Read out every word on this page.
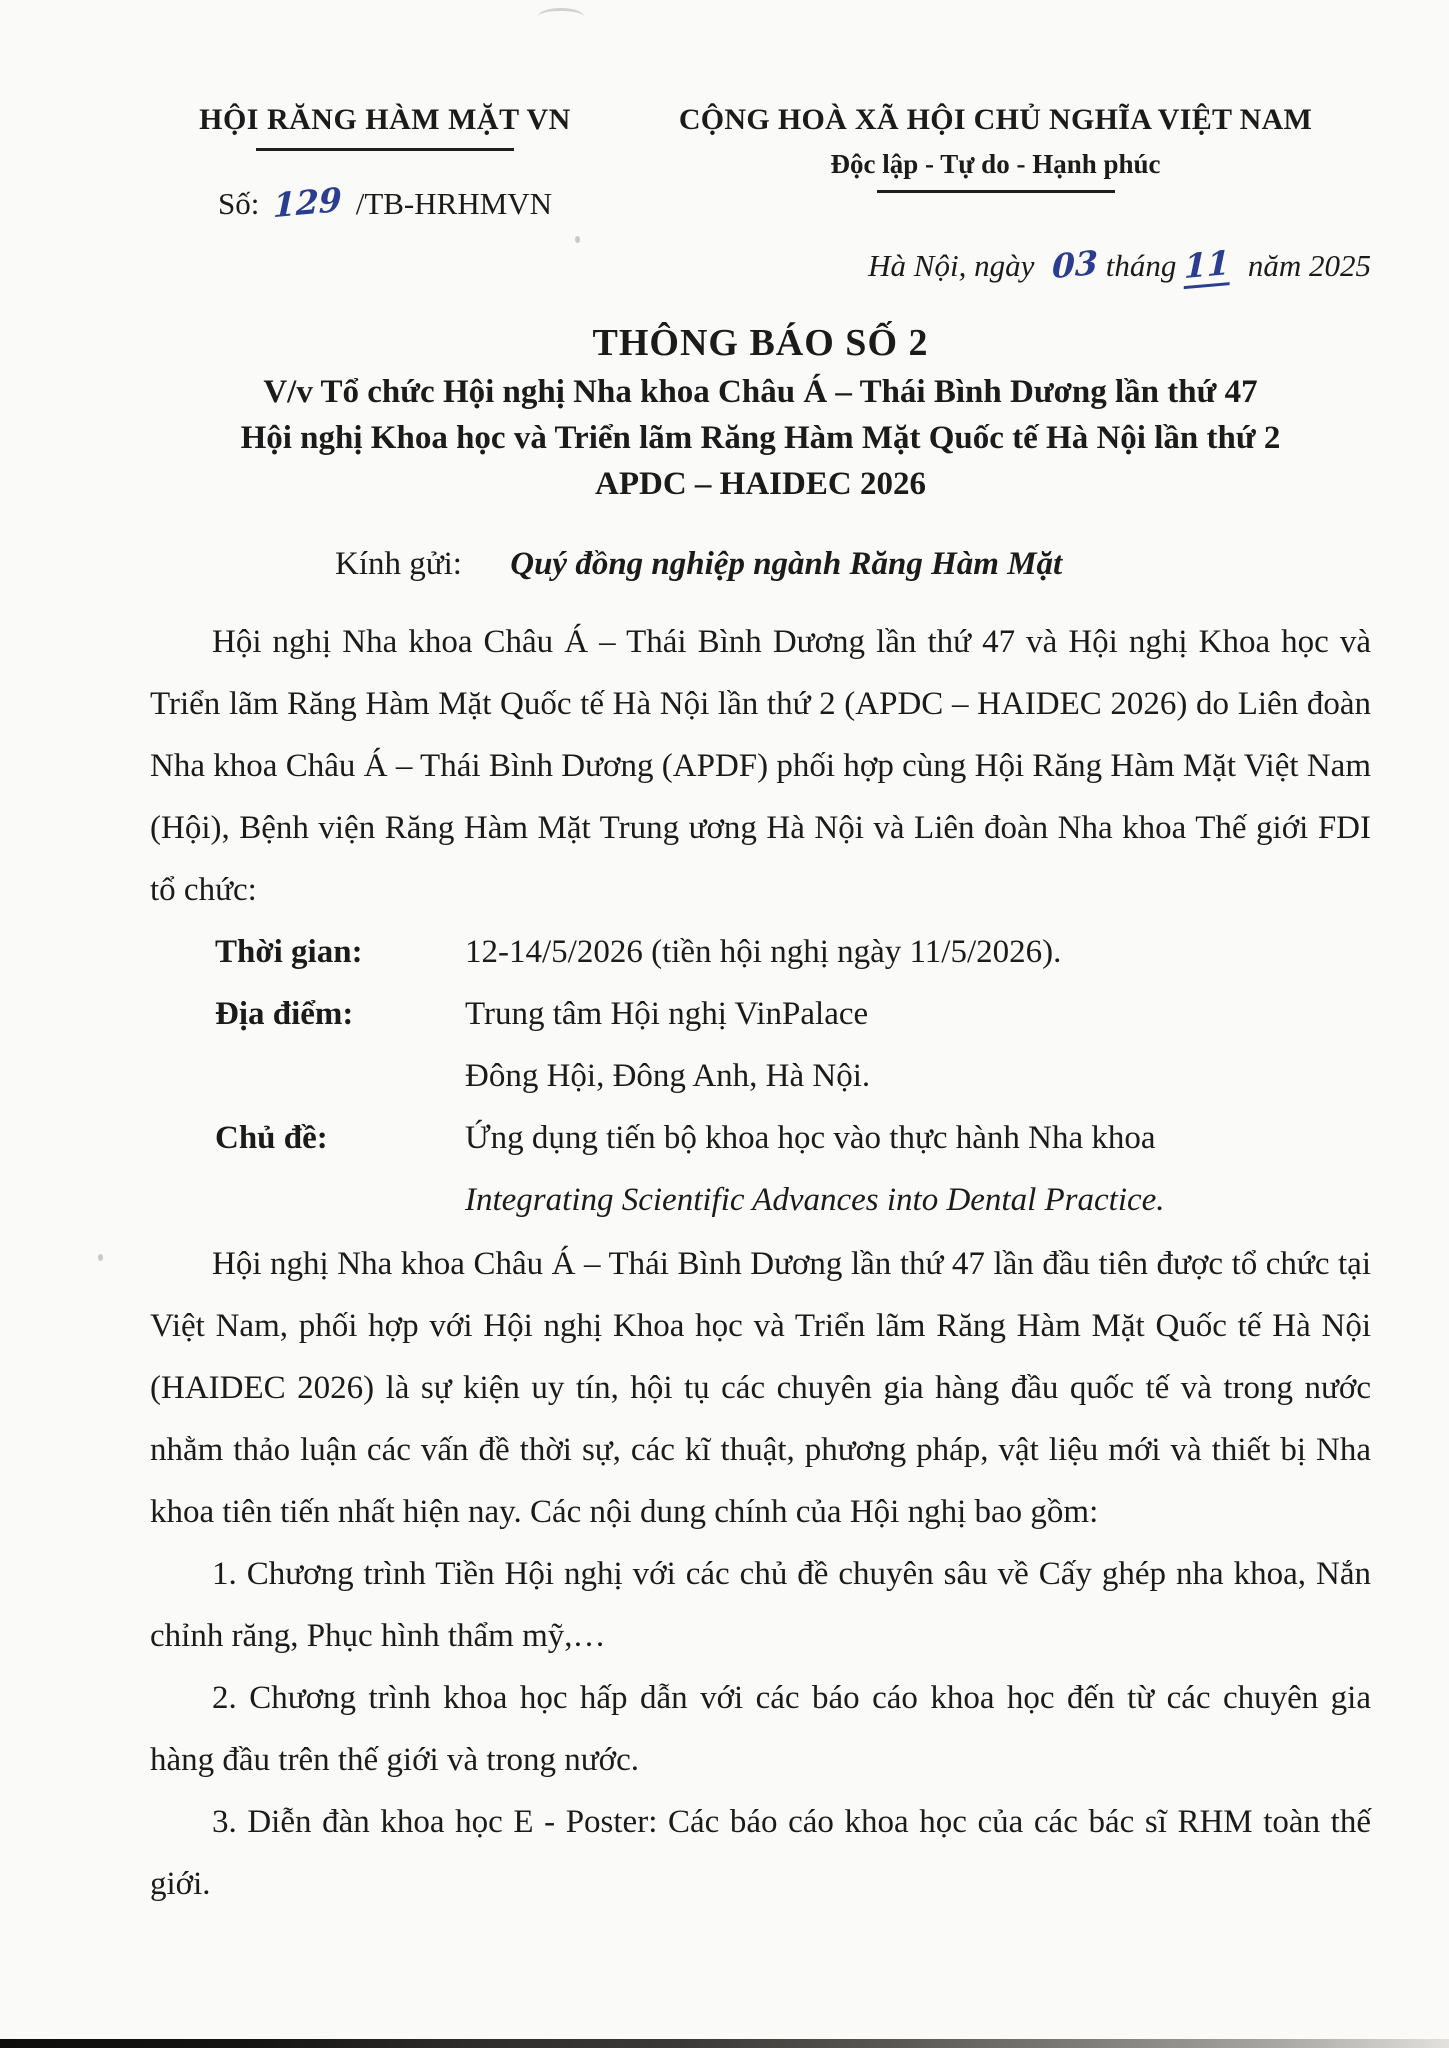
HỘI RĂNG HÀM MẶT VN
Số: 129 /TB-HRHMVN
CỘNG HOÀ XÃ HỘI CHỦ NGHĨA VIỆT NAM
Độc lập - Tự do - Hạnh phúc
Hà Nội, ngày 03 tháng 11 năm 2025
THÔNG BÁO SỐ 2
V/v Tổ chức Hội nghị Nha khoa Châu Á – Thái Bình Dương lần thứ 47
Hội nghị Khoa học và Triển lãm Răng Hàm Mặt Quốc tế Hà Nội lần thứ 2
APDC – HAIDEC 2026
Kính gửi: Quý đồng nghiệp ngành Răng Hàm Mặt

Hội nghị Nha khoa Châu Á – Thái Bình Dương lần thứ 47 và Hội nghị Khoa học và Triển lãm Răng Hàm Mặt Quốc tế Hà Nội lần thứ 2 (APDC – HAIDEC 2026) do Liên đoàn Nha khoa Châu Á – Thái Bình Dương (APDF) phối hợp cùng Hội Răng Hàm Mặt Việt Nam (Hội), Bệnh viện Răng Hàm Mặt Trung ương Hà Nội và Liên đoàn Nha khoa Thế giới FDI tổ chức:

Thời gian:	12-14/5/2026 (tiền hội nghị ngày 11/5/2026).
Địa điểm:	Trung tâm Hội nghị VinPalace
Đông Hội, Đông Anh, Hà Nội.
Chủ đề:	Ứng dụng tiến bộ khoa học vào thực hành Nha khoa
Integrating Scientific Advances into Dental Practice.

Hội nghị Nha khoa Châu Á – Thái Bình Dương lần thứ 47 lần đầu tiên được tổ chức tại Việt Nam, phối hợp với Hội nghị Khoa học và Triển lãm Răng Hàm Mặt Quốc tế Hà Nội (HAIDEC 2026) là sự kiện uy tín, hội tụ các chuyên gia hàng đầu quốc tế và trong nước nhằm thảo luận các vấn đề thời sự, các kĩ thuật, phương pháp, vật liệu mới và thiết bị Nha khoa tiên tiến nhất hiện nay. Các nội dung chính của Hội nghị bao gồm:

1. Chương trình Tiền Hội nghị với các chủ đề chuyên sâu về Cấy ghép nha khoa, Nắn chỉnh răng, Phục hình thẩm mỹ,…

2. Chương trình khoa học hấp dẫn với các báo cáo khoa học đến từ các chuyên gia hàng đầu trên thế giới và trong nước.

3. Diễn đàn khoa học E - Poster: Các báo cáo khoa học của các bác sĩ RHM toàn thế giới.
